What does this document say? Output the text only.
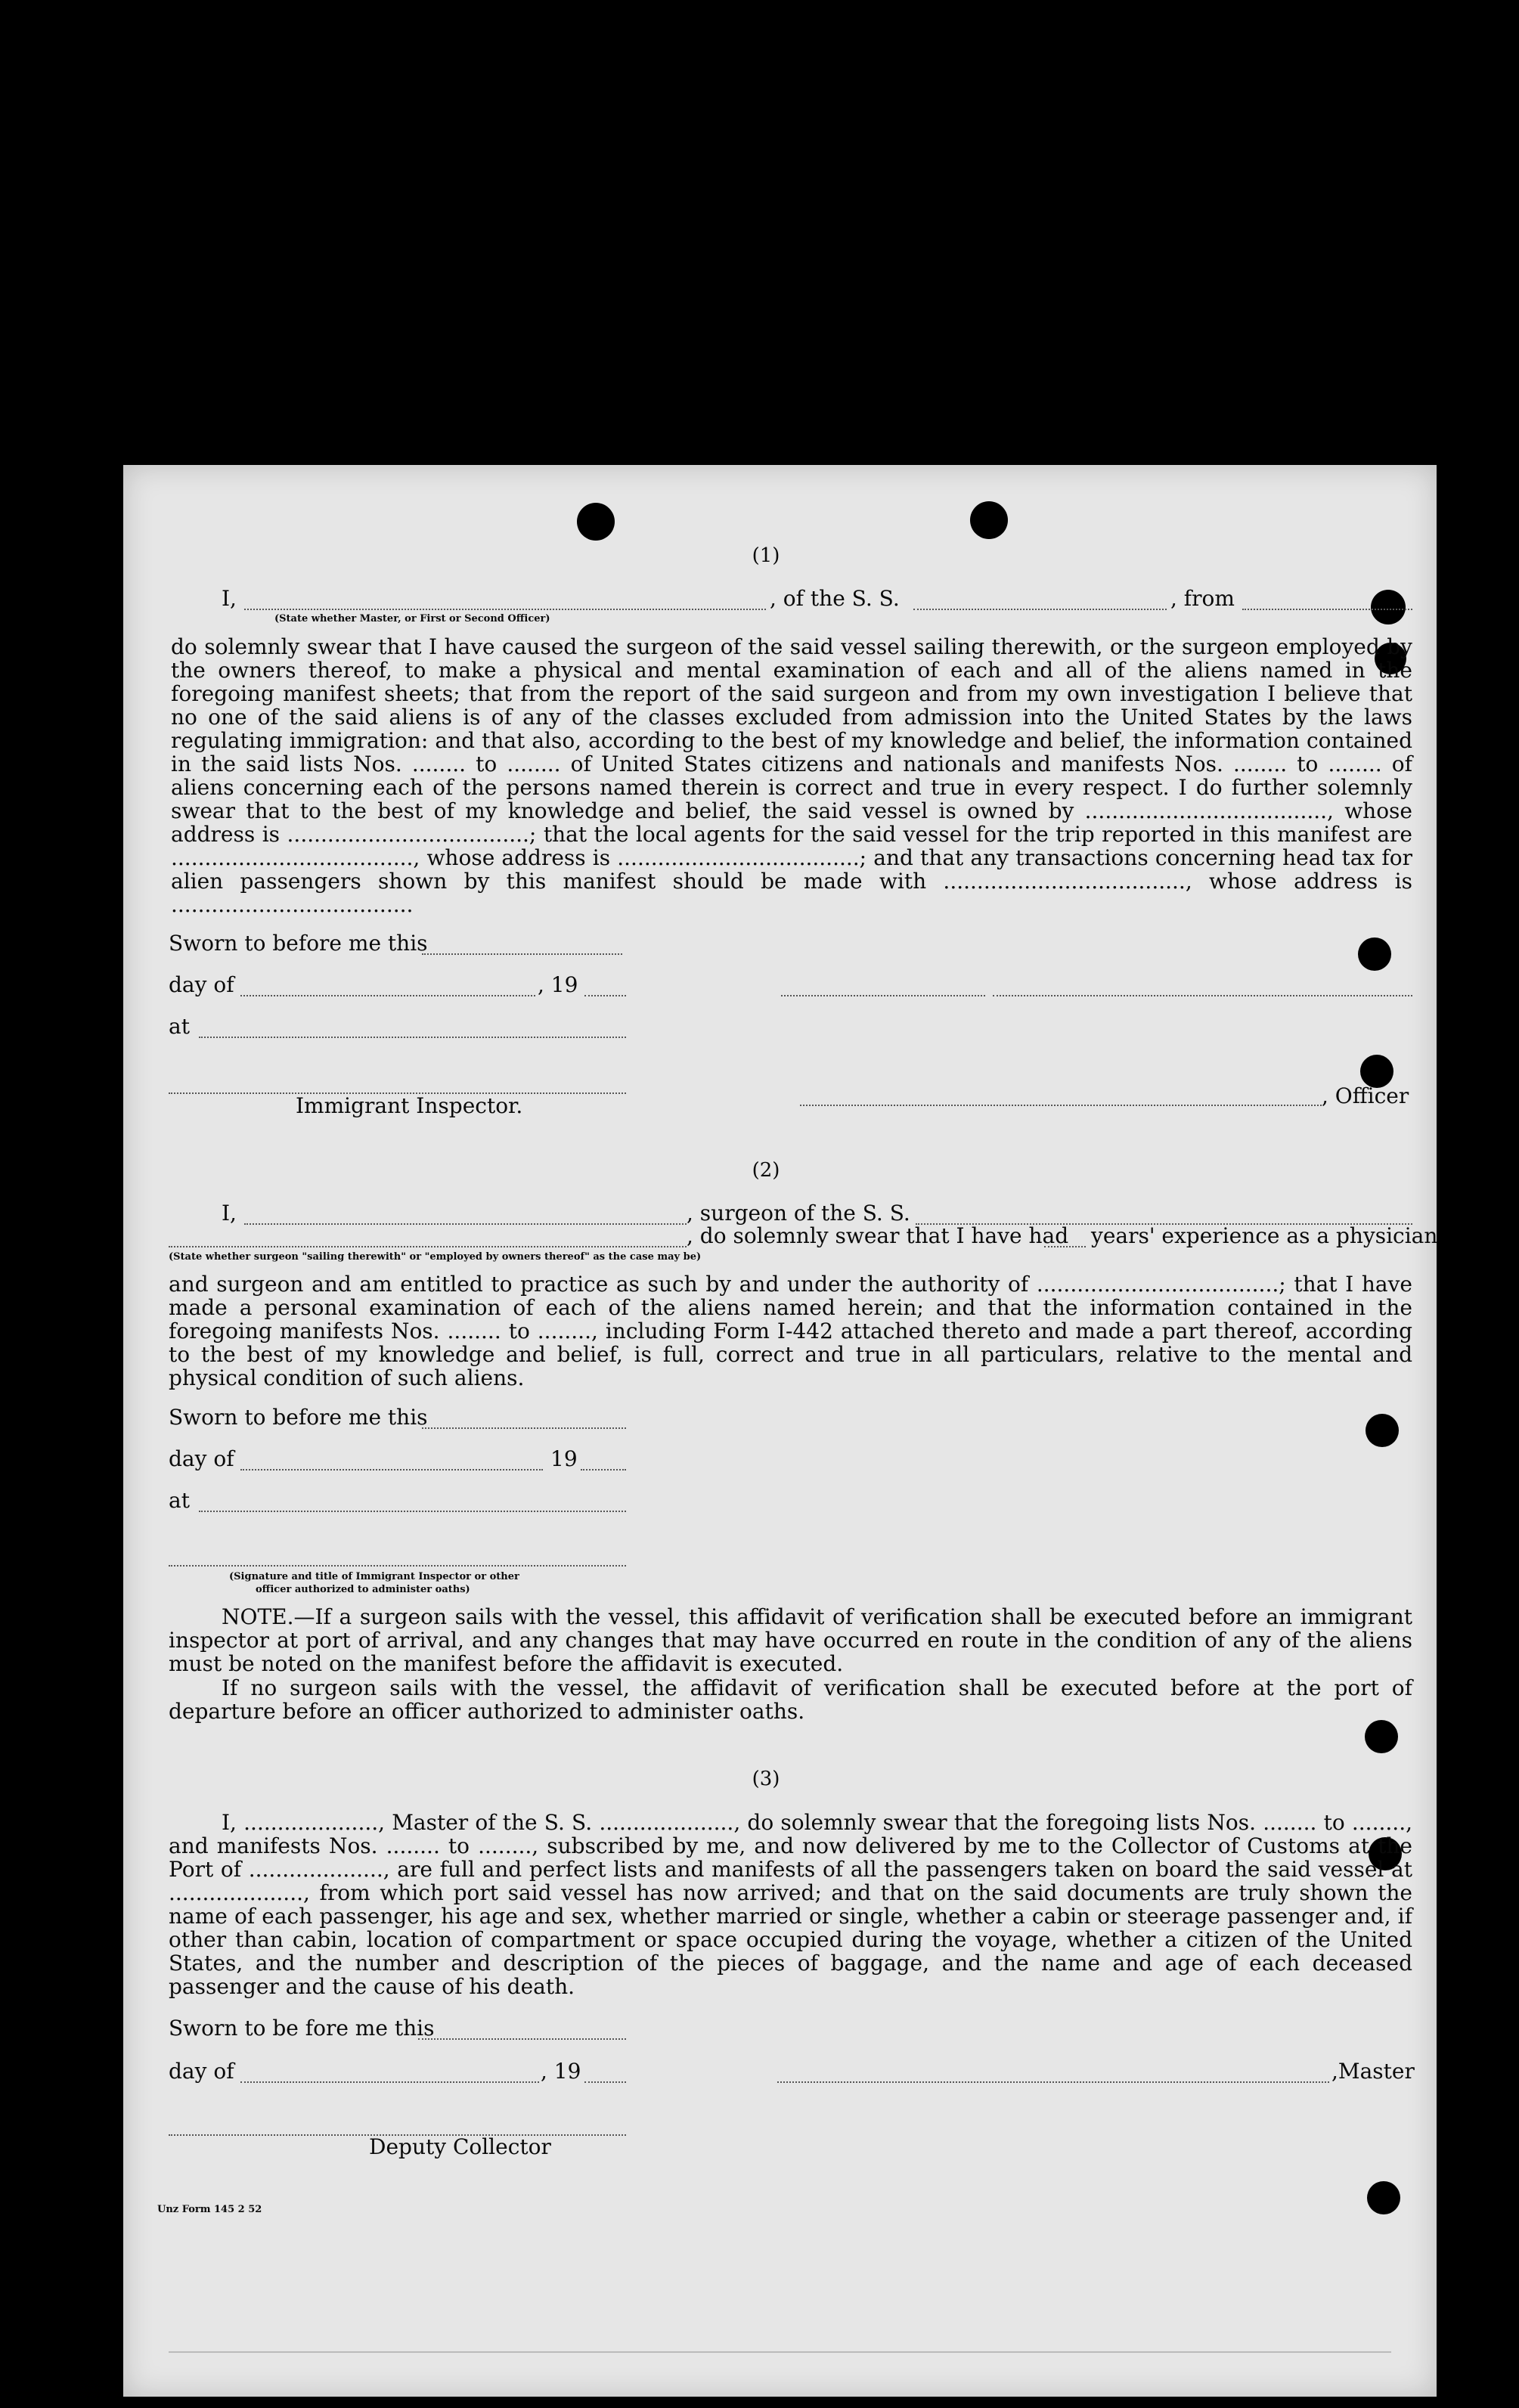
(1)
I,	, of the S. S.	, from
(State whether Master, or First or Second Officer)
do solemnly swear that I have caused the surgeon of the said vessel sailing therewith, or the surgeon employed by the owners thereof, to make a physical and mental examination of each and all of the aliens named in the foregoing manifest sheets; that from the report of the said surgeon and from my own investigation I believe that no one of the said aliens is of any of the classes excluded from admission into the United States by the laws regulating immigration: and that also, according to the best of my knowledge and belief, the information contained in the said lists Nos. ........ to ........ of United States citizens and nationals and manifests Nos. ........ to ........ of aliens concerning each of the persons named therein is correct and true in every respect. I do further solemnly swear that to the best of my knowledge and belief, the said vessel is owned by ...................................., whose address is ....................................; that the local agents for the said vessel for the trip reported in this manifest are ...................................., whose address is ....................................; and that any transactions concerning head tax for alien passengers shown by this manifest should be made with ...................................., whose address is ....................................
Sworn to before me this
day of	, 19
at
Immigrant Inspector.	, Officer
(2)
I,	, surgeon of the S. S.
, do solemnly swear that I have had years' experience as a physician
(State whether surgeon "sailing therewith" or "employed by owners thereof" as the case may be)
and surgeon and am entitled to practice as such by and under the authority of ....................................; that I have made a personal examination of each of the aliens named herein; and that the information contained in the foregoing manifests Nos. ........ to ........, including Form I-442 attached thereto and made a part thereof, according to the best of my knowledge and belief, is full, correct and true in all particulars, relative to the mental and physical condition of such aliens.
Sworn to before me this
day of	19
at
(Signature and title of Immigrant Inspector or other
officer authorized to administer oaths)
NOTE.—If a surgeon sails with the vessel, this affidavit of verification shall be executed before an immigrant inspector at port of arrival, and any changes that may have occurred en route in the condition of any of the aliens must be noted on the manifest before the affidavit is executed.
If no surgeon sails with the vessel, the affidavit of verification shall be executed before at the port of departure before an officer authorized to administer oaths.
(3)
I, ...................., Master of the S. S. ...................., do solemnly swear that the foregoing lists Nos. ........ to ........, and manifests Nos. ........ to ........, subscribed by me, and now delivered by me to the Collector of Customs at the Port of ...................., are full and perfect lists and manifests of all the passengers taken on board the said vessel at ...................., from which port said vessel has now arrived; and that on the said documents are truly shown the name of each passenger, his age and sex, whether married or single, whether a cabin or steerage passenger and, if other than cabin, location of compartment or space occupied during the voyage, whether a citizen of the United States, and the number and description of the pieces of baggage, and the name and age of each deceased passenger and the cause of his death.
Sworn to be fore me this
day of	, 19	,Master
Deputy Collector
Unz Form 145 2 52
